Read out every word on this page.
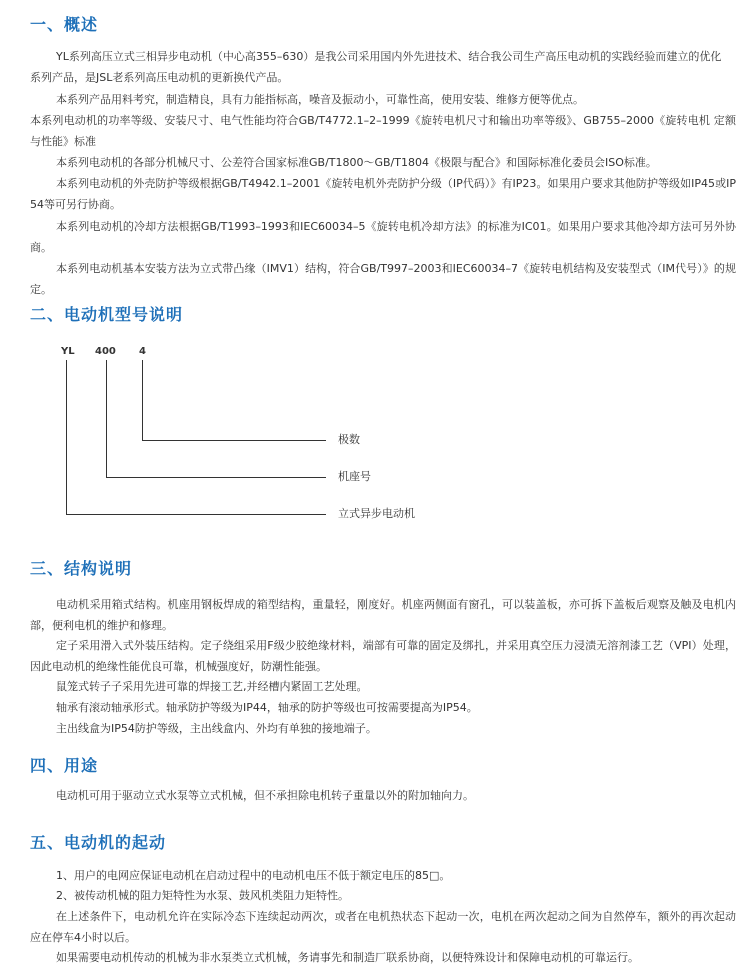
一、概述

YL系列高压立式三相异步电动机（中心高355–630）是我公司采用国内外先进技术、结合我公司生产高压电动机的实践经验而建立的优化

系列产品，是JSL老系列高压电动机的更新换代产品。

本系列产品用料考究，制造精良，具有力能指标高，噪音及振动小，可靠性高，使用安装、维修方便等优点。

本系列电动机的功率等级、安装尺寸、电气性能均符合GB/T4772.1–2–1999《旋转电机尺寸和输出功率等级》、GB755–2000《旋转电机 定额与性能》标准

本系列电动机的各部分机械尺寸、公差符合国家标准GB/T1800～GB/T1804《极限与配合》和国际标准化委员会ISO标准。

本系列电动机的外壳防护等级根据GB/T4942.1–2001《旋转电机外壳防护分级（IP代码）》有IP23。如果用户要求其他防护等级如IP45或IP54等可另行协商。

本系列电动机的冷却方法根据GB/T1993–1993和IEC60034–5《旋转电机冷却方法》的标准为IC01。如果用户要求其他冷却方法可另外协商。

本系列电动机基本安装方法为立式带凸缘（IMV1）结构，符合GB/T997–2003和IEC60034–7《旋转电机结构及安装型式（IM代号）》的规定。

二、电动机型号说明
YL 400 4
极数
机座号
立式异步电动机
三、结构说明

电动机采用箱式结构。机座用钢板焊成的箱型结构，重量轻，刚度好。机座两侧面有窗孔，可以装盖板，亦可拆下盖板后观察及触及电机内部，便利电机的维护和修理。

定子采用滑入式外装压结构。定子绕组采用F级少胶绝缘材料，端部有可靠的固定及绑扎，并采用真空压力浸渍无溶剂漆工艺（VPI）处理，因此电动机的绝缘性能优良可靠，机械强度好，防潮性能强。

鼠笼式转子子采用先进可靠的焊接工艺,并经槽内紧固工艺处理。

轴承有滚动轴承形式。轴承防护等级为IP44，轴承的防护等级也可按需要提高为IP54。

主出线盒为IP54防护等级，主出线盒内、外均有单独的接地端子。

四、用途

电动机可用于驱动立式水泵等立式机械，但不承担除电机转子重量以外的附加轴向力。

五、电动机的起动

1、用户的电网应保证电动机在启动过程中的电动机电压不低于额定电压的85□。

2、被传动机械的阻力矩特性为水泵、鼓风机类阻力矩特性。

在上述条件下，电动机允许在实际冷态下连续起动两次，或者在电机热状态下起动一次，电机在两次起动之间为自然停车，额外的再次起动应在停车4小时以后。

如果需要电动机传动的机械为非水泵类立式机械，务请事先和制造厂联系协商，以便特殊设计和保障电动机的可靠运行。
